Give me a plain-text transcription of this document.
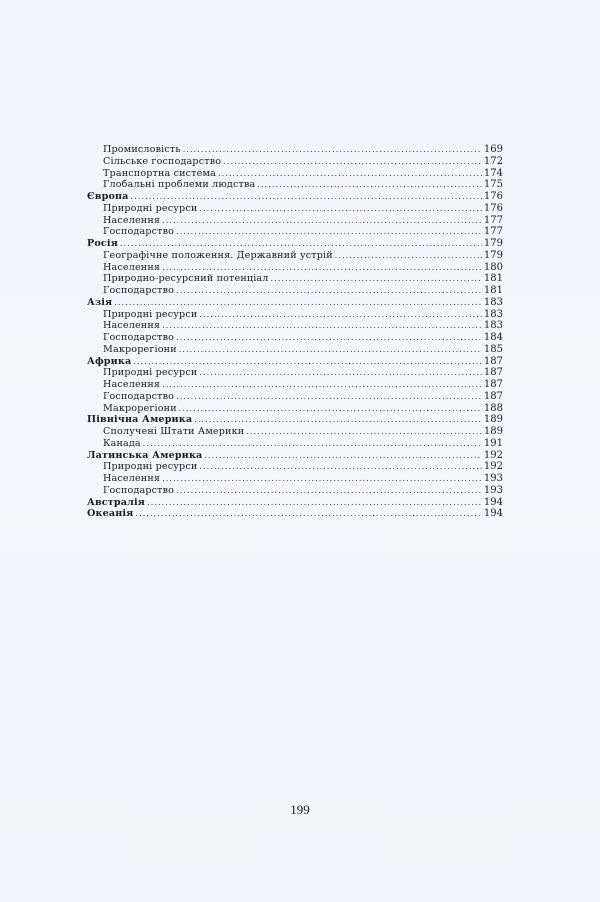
Промисловість .....	169
Сільське господарство .....	172
Транспортна система .....	174
Глобальні проблеми людства .....	175
Європа .....	176
Природні ресурси .....	176
Населення .....	177
Господарство .....	177
Росія .....	179
Географічне положення. Державний устрій .....	179
Населення .....	180
Природно-ресурсний потенціал .....	181
Господарство .....	181
Азія .....	183
Природні ресурси .....	183
Населення .....	183
Господарство .....	184
Макрорегіони .....	185
Африка .....	187
Природні ресурси .....	187
Населення .....	187
Господарство .....	187
Макрорегіони .....	188
Північна Америка .....	189
Сполучені Штати Америки .....	189
Канада .....	191
Латинська Америка .....	192
Природні ресурси .....	192
Населення .....	193
Господарство .....	193
Австралія .....	194
Океанія .....	194
199
